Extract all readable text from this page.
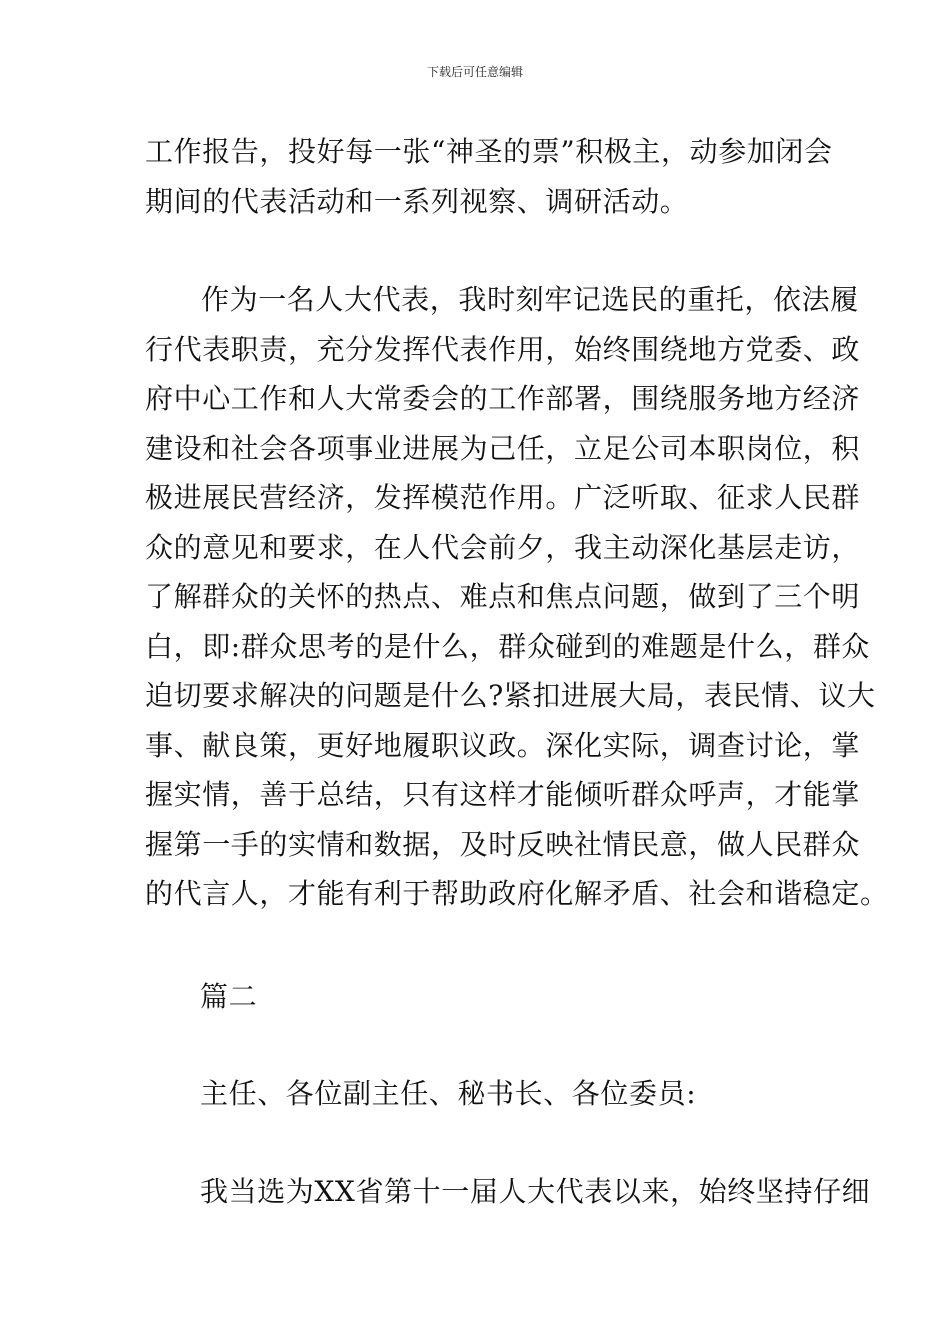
下载后可任意编辑
工作报告，投好每一张“神圣的票”积极主，动参加闭会
期间的代表活动和一系列视察、调研活动。
作为一名人大代表，我时刻牢记选民的重托，依法履
行代表职责，充分发挥代表作用，始终围绕地方党委、政
府中心工作和人大常委会的工作部署，围绕服务地方经济
建设和社会各项事业进展为己任，立足公司本职岗位，积
极进展民营经济，发挥模范作用。广泛听取、征求人民群
众的意见和要求，在人代会前夕，我主动深化基层走访，
了解群众的关怀的热点、难点和焦点问题，做到了三个明
白，即:群众思考的是什么，群众碰到的难题是什么，群众
迫切要求解决的问题是什么?紧扣进展大局，表民情、议大
事、献良策，更好地履职议政。深化实际，调查讨论，掌
握实情，善于总结，只有这样才能倾听群众呼声，才能掌
握第一手的实情和数据，及时反映社情民意，做人民群众
的代言人，才能有利于帮助政府化解矛盾、社会和谐稳定。
篇二
主任、各位副主任、秘书长、各位委员:
我当选为XX省第十一届人大代表以来，始终坚持仔细
